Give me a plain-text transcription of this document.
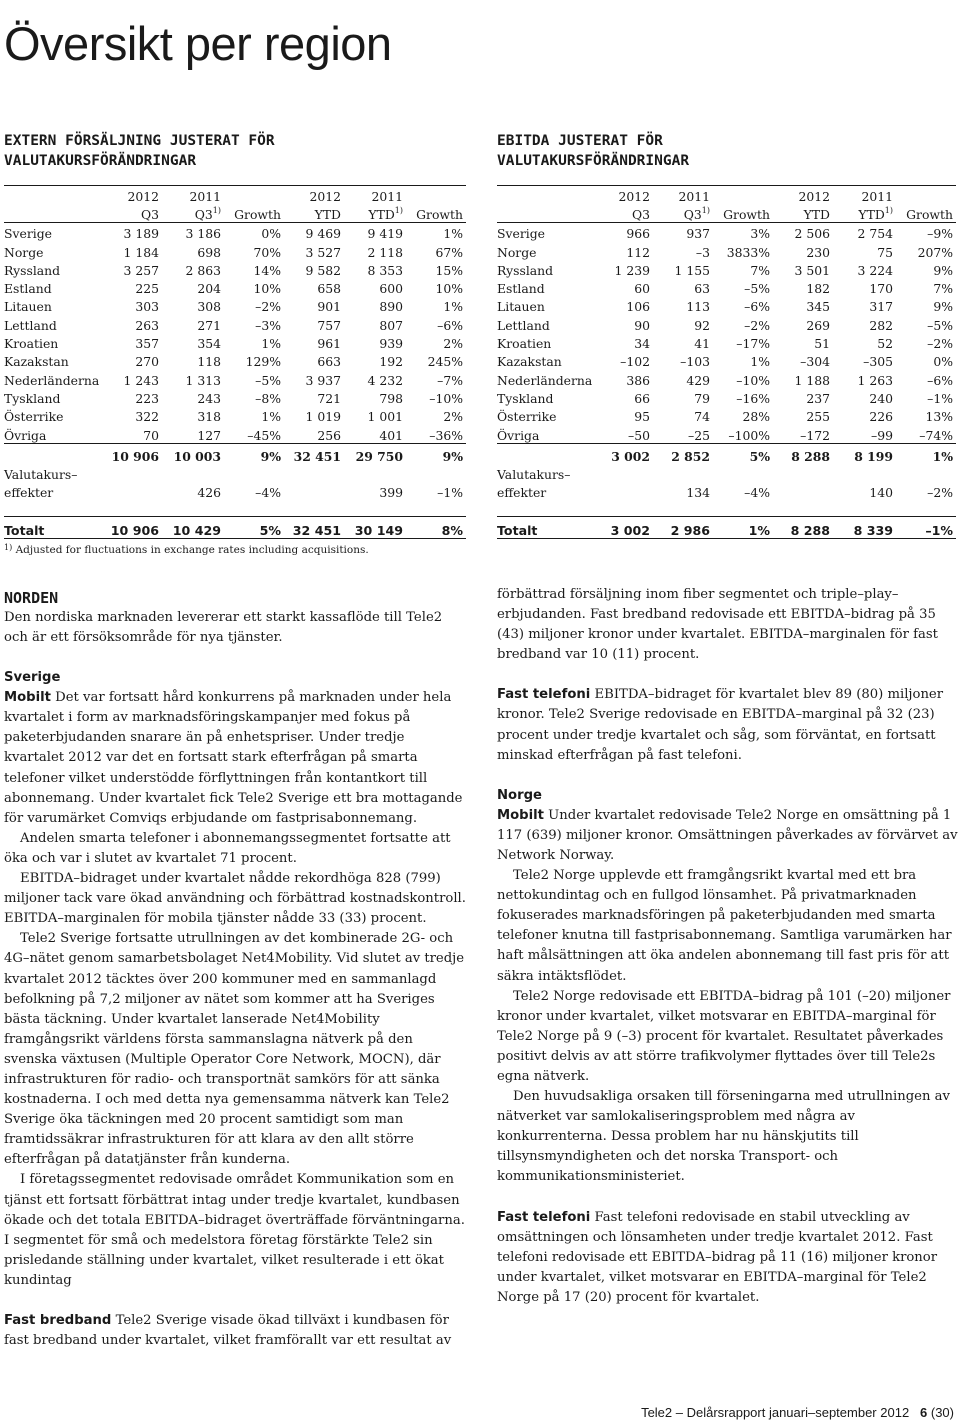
Översikt per region
EXTERN FÖRSÄLJNING JUSTERAT FÖR
VALUTAKURSFÖRÄNDRINGAR
EBITDA JUSTERAT FÖR
VALUTAKURSFÖRÄNDRINGAR
	2012	2011		2012	2011	
	Q3	Q3$^{1)}$	Growth	YTD	YTD$^{1)}$	Growth
Sverige	3 189	3 186	0%	9 469	9 419	1%
Norge	1 184	698	70%	3 527	2 118	67%
Ryssland	3 257	2 863	14%	9 582	8 353	15%
Estland	225	204	10%	658	600	10%
Litauen	303	308	–2%	901	890	1%
Lettland	263	271	–3%	757	807	–6%
Kroatien	357	354	1%	961	939	2%
Kazakstan	270	118	129%	663	192	245%
Nederländerna	1 243	1 313	–5%	3 937	4 232	–7%
Tyskland	223	243	–8%	721	798	–10%
Österrike	322	318	1%	1 019	1 001	2%
Övriga	70	127	–45%	256	401	–36%
	10 906	10 003	9%	32 451	29 750	9%
Valutakurs–						
effekter		426	–4%		399	–1%

Totalt	10 906	10 429	5%	32 451	30 149	8%
	2012	2011		2012	2011	
	Q3	Q3$^{1)}$	Growth	YTD	YTD$^{1)}$	Growth
Sverige	966	937	3%	2 506	2 754	–9%
Norge	112	–3	3833%	230	75	207%
Ryssland	1 239	1 155	7%	3 501	3 224	9%
Estland	60	63	–5%	182	170	7%
Litauen	106	113	–6%	345	317	9%
Lettland	90	92	–2%	269	282	–5%
Kroatien	34	41	–17%	51	52	–2%
Kazakstan	–102	–103	1%	–304	–305	0%
Nederländerna	386	429	–10%	1 188	1 263	–6%
Tyskland	66	79	–16%	237	240	–1%
Österrike	95	74	28%	255	226	13%
Övriga	–50	–25	–100%	–172	–99	–74%
	3 002	2 852	5%	8 288	8 199	1%
Valutakurs–						
effekter		134	–4%		140	–2%

Totalt	3 002	2 986	1%	8 288	8 339	–1%
$^{1)}$ Adjusted for fluctuations in exchange rates including acquisitions.
NORDEN

Den nordiska marknaden levererar ett starkt kassaflöde till Tele2 och är ett försöksområde för nya tjänster.

Sverige

Mobilt Det var fortsatt hård konkurrens på marknaden under hela kvartalet i form av marknadsföringskampanjer med fokus på paketerbjudanden snarare än på enhetspriser. Under tredje kvartalet 2012 var det en fortsatt stark efterfrågan på smarta telefoner vilket understödde förflyttningen från kontantkort till abonnemang. Under kvartalet fick Tele2 Sverige ett bra mottagande för varumärket Comviqs erbjudande om fastprisabonnemang.

Andelen smarta telefoner i abonnemangssegmentet fortsatte att öka och var i slutet av kvartalet 71 procent.

EBITDA–bidraget under kvartalet nådde rekordhöga 828 (799) miljoner tack vare ökad användning och förbättrad kostnadskontroll. EBITDA–marginalen för mobila tjänster nådde 33 (33) procent.

Tele2 Sverige fortsatte utrullningen av det kombinerade 2G- och 4G–nätet genom samarbetsbolaget Net4Mobility. Vid slutet av tredje kvartalet 2012 täcktes över 200 kommuner med en sammanlagd befolkning på 7,2 miljoner av nätet som kommer att ha Sveriges bästa täckning. Under kvartalet lanserade Net4Mobility framgångsrikt världens första sammanslagna nätverk på den svenska växtusen (Multiple Operator Core Network, MOCN), där infrastrukturen för radio- och transportnät samkörs för att sänka kostnaderna. I och med detta nya gemensamma nätverk kan Tele2 Sverige öka täckningen med 20 procent samtidigt som man framtidssäkrar infrastrukturen för att klara av den allt större efterfrågan på datatjänster från kunderna.

I företagssegmentet redovisade området Kommunikation som en tjänst ett fortsatt förbättrat intag under tredje kvartalet, kundbasen ökade och det totala EBITDA–bidraget överträffade förväntningarna. I segmentet för små och medelstora företag förstärkte Tele2 sin prisledande ställning under kvartalet, vilket resulterade i ett ökat kundintag

Fast bredband Tele2 Sverige visade ökad tillväxt i kundbasen för fast bredband under kvartalet, vilket framförallt var ett resultat av

förbättrad försäljning inom fiber segmentet och triple–play–erbjudanden. Fast bredband redovisade ett EBITDA–bidrag på 35 (43) miljoner kronor under kvartalet. EBITDA–marginalen för fast bredband var 10 (11) procent.

Fast telefoni EBITDA–bidraget för kvartalet blev 89 (80) miljoner kronor. Tele2 Sverige redovisade en EBITDA–marginal på 32 (23) procent under tredje kvartalet och såg, som förväntat, en fortsatt minskad efterfrågan på fast telefoni.

Norge

Mobilt Under kvartalet redovisade Tele2 Norge en omsättning på 1 117 (639) miljoner kronor. Omsättningen påverkades av förvärvet av Network Norway.

Tele2 Norge upplevde ett framgångsrikt kvartal med ett bra nettokundintag och en fullgod lönsamhet. På privatmarknaden fokuserades marknadsföringen på paketerbjudanden med smarta telefoner knutna till fastprisabonnemang. Samtliga varumärken har haft målsättningen att öka andelen abonnemang till fast pris för att säkra intäktsflödet.

Tele2 Norge redovisade ett EBITDA–bidrag på 101 (–20) miljoner kronor under kvartalet, vilket motsvarar en EBITDA–marginal för Tele2 Norge på 9 (–3) procent för kvartalet. Resultatet påverkades positivt delvis av att större trafikvolymer flyttades över till Tele2s egna nätverk.

Den huvudsakliga orsaken till förseningarna med utrullningen av nätverket var samlokaliseringsproblem med några av konkurrenterna. Dessa problem har nu hänskjutits till tillsynsmyndigheten och det norska Transport- och kommunikationsministeriet.

Fast telefoni Fast telefoni redovisade en stabil utveckling av omsättningen och lönsamheten under tredje kvartalet 2012. Fast telefoni redovisade ett EBITDA–bidrag på 11 (16) miljoner kronor under kvartalet, vilket motsvarar en EBITDA–marginal för Tele2 Norge på 17 (20) procent för kvartalet.

Tele2 – Delårsrapport januari–september 2012 6 (30)
